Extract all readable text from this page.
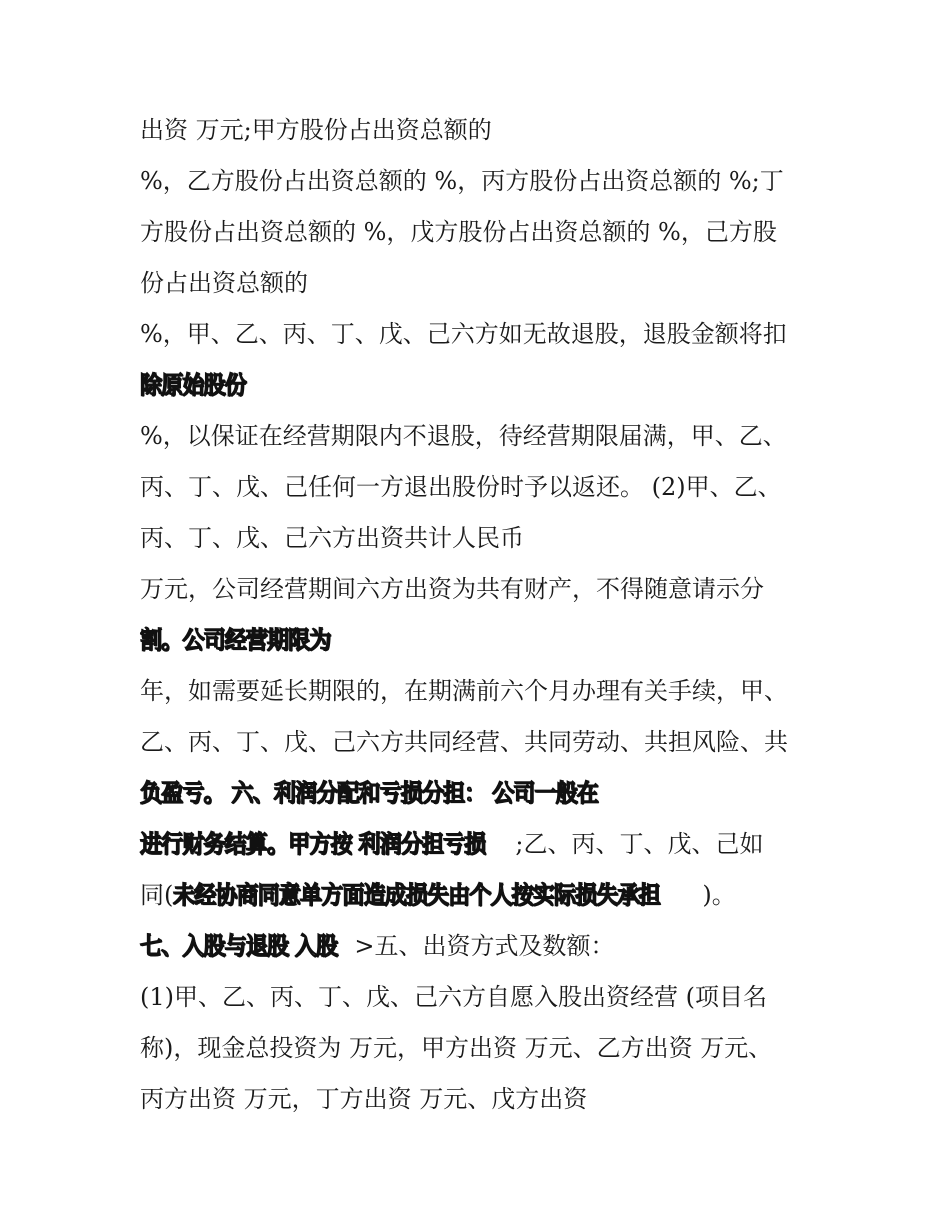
出资 万元;甲方股份占出资总额的
%，乙方股份占出资总额的 %，丙方股份占出资总额的 %;丁
方股份占出资总额的 %，戊方股份占出资总额的 %，己方股
份占出资总额的
%，甲、乙、丙、丁、戊、己六方如无故退股，退股金额将扣
除原始股份
%，以保证在经营期限内不退股，待经营期限届满，甲、乙、
丙、丁、戊、己任何一方退出股份时予以返还。 (2)甲、乙、
丙、丁、戊、己六方出资共计人民币
万元，公司经营期间六方出资为共有财产，不得随意请示分
割。公司经营期限为
年，如需要延长期限的，在期满前六个月办理有关手续，甲、
乙、丙、丁、戊、己六方共同经营、共同劳动、共担风险、共
负盈亏。 六、利润分配和亏损分担： 公司一般在
进行财务结算。甲方按 利润分担亏损 ;乙、丙、丁、戊、己如
同(未经协商同意单方面造成损失由个人按实际损失承担 )。
七、入股与退股 入股 >五、出资方式及数额：
(1)甲、乙、丙、丁、戊、己六方自愿入股出资经营 (项目名
称)，现金总投资为 万元，甲方出资 万元、乙方出资 万元、
丙方出资 万元，丁方出资 万元、戊方出资
